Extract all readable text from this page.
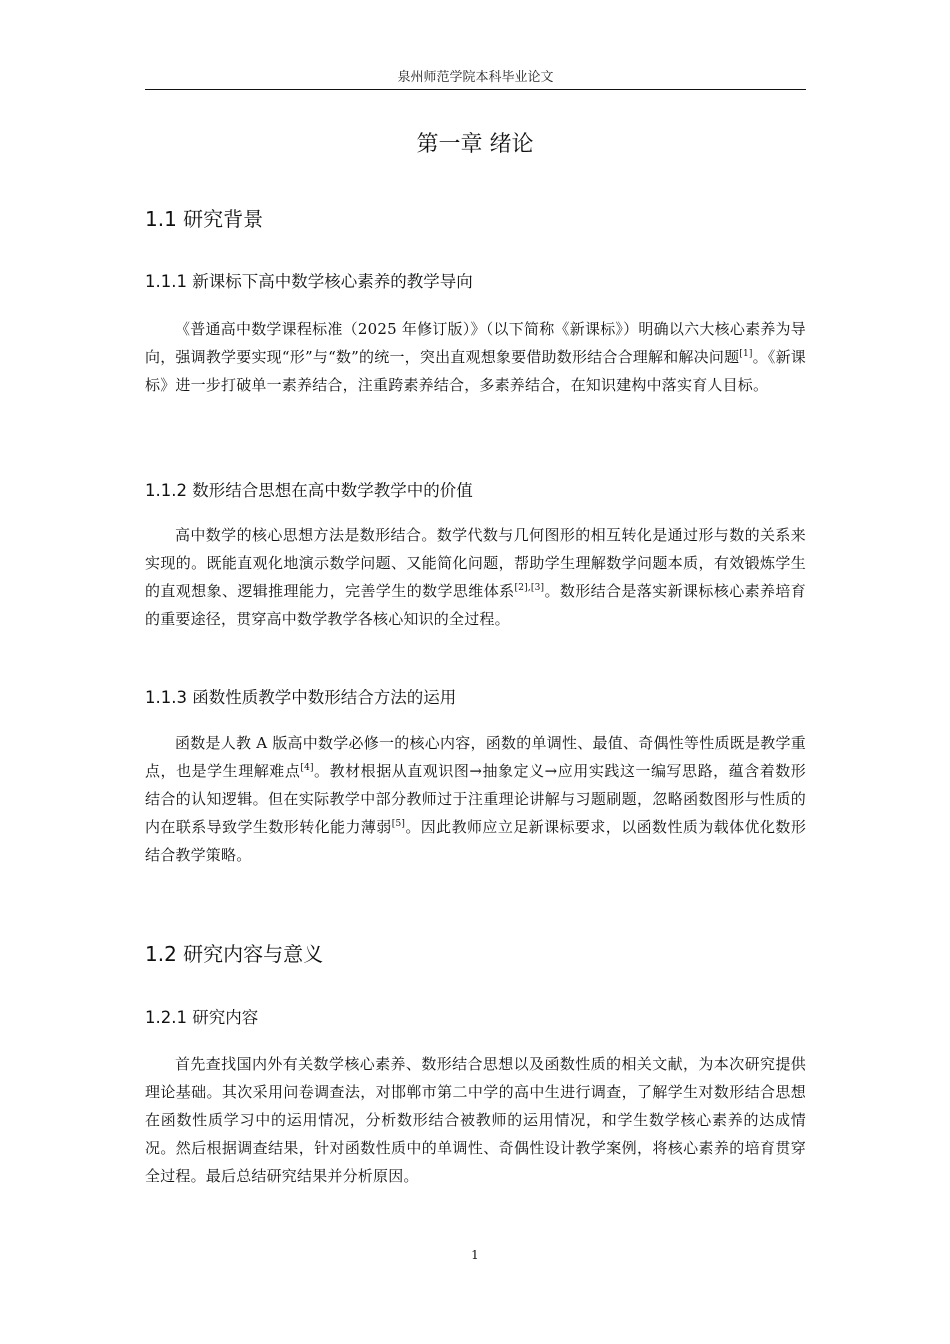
泉州师范学院本科毕业论文
第一章 绪论
1.1 研究背景
1.1.1 新课标下高中数学核心素养的教学导向
《普通高中数学课程标准（2025 年修订版）》（以下简称《新课标》）明确以六大核心素养为导向，强调教学要实现“形”与“数”的统一，突出直观想象要借助数形结合合理解和解决问题[1]。《新课标》进一步打破单一素养结合，注重跨素养结合，多素养结合，在知识建构中落实育人目标。
1.1.2 数形结合思想在高中数学教学中的价值
高中数学的核心思想方法是数形结合。数学代数与几何图形的相互转化是通过形与数的关系来实现的。既能直观化地演示数学问题、又能简化问题，帮助学生理解数学问题本质，有效锻炼学生的直观想象、逻辑推理能力，完善学生的数学思维体系[2],[3]。数形结合是落实新课标核心素养培育的重要途径，贯穿高中数学教学各核心知识的全过程。
1.1.3 函数性质教学中数形结合方法的运用
函数是人教 A 版高中数学必修一的核心内容，函数的单调性、最值、奇偶性等性质既是教学重点，也是学生理解难点[4]。教材根据从直观识图→抽象定义→应用实践这一编写思路，蕴含着数形结合的认知逻辑。但在实际教学中部分教师过于注重理论讲解与习题刷题，忽略函数图形与性质的内在联系导致学生数形转化能力薄弱[5]。因此教师应立足新课标要求，以函数性质为载体优化数形结合教学策略。
1.2 研究内容与意义
1.2.1 研究内容
首先查找国内外有关数学核心素养、数形结合思想以及函数性质的相关文献，为本次研究提供理论基础。其次采用问卷调查法，对邯郸市第二中学的高中生进行调查，了解学生对数形结合思想在函数性质学习中的运用情况，分析数形结合被教师的运用情况，和学生数学核心素养的达成情况。然后根据调查结果，针对函数性质中的单调性、奇偶性设计教学案例，将核心素养的培育贯穿全过程。最后总结研究结果并分析原因。
1
